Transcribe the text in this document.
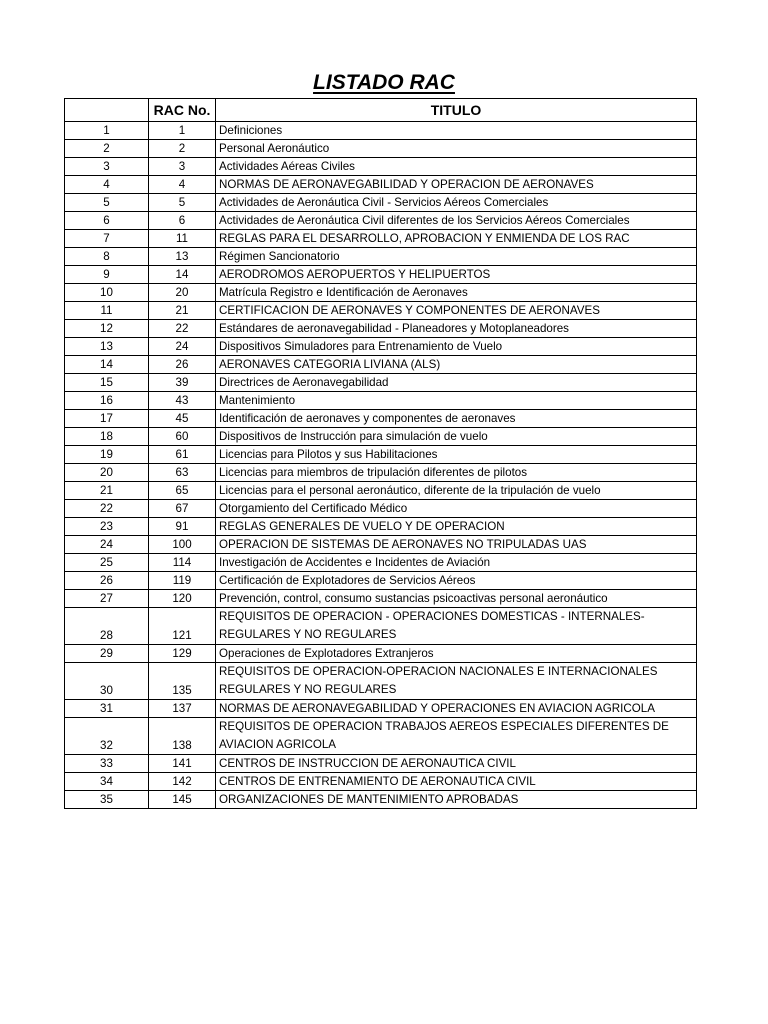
LISTADO RAC
	RAC No.	TITULO
1	1	Definiciones
2	2	Personal Aeronáutico
3	3	Actividades Aéreas Civiles
4	4	NORMAS DE AERONAVEGABILIDAD Y OPERACION DE AERONAVES
5	5	Actividades de Aeronáutica Civil - Servicios Aéreos Comerciales
6	6	Actividades de Aeronáutica Civil diferentes de los Servicios Aéreos Comerciales
7	11	REGLAS PARA EL DESARROLLO, APROBACION Y ENMIENDA DE LOS RAC
8	13	Régimen Sancionatorio
9	14	AERODROMOS AEROPUERTOS Y HELIPUERTOS
10	20	Matrícula Registro e Identificación de Aeronaves
11	21	CERTIFICACION DE AERONAVES Y COMPONENTES DE AERONAVES
12	22	Estándares de aeronavegabilidad - Planeadores y Motoplaneadores
13	24	Dispositivos Simuladores para Entrenamiento de Vuelo
14	26	AERONAVES CATEGORIA LIVIANA (ALS)
15	39	Directrices de Aeronavegabilidad
16	43	Mantenimiento
17	45	Identificación de aeronaves y componentes de aeronaves
18	60	Dispositivos de Instrucción para simulación de vuelo
19	61	Licencias para Pilotos y sus Habilitaciones
20	63	Licencias para miembros de tripulación diferentes de pilotos
21	65	Licencias para el personal aeronáutico, diferente de la tripulación de vuelo
22	67	Otorgamiento del Certificado Médico
23	91	REGLAS GENERALES DE VUELO Y DE OPERACION
24	100	OPERACION DE SISTEMAS DE AERONAVES NO TRIPULADAS UAS
25	114	Investigación de Accidentes e Incidentes de Aviación
26	119	Certificación de Explotadores de Servicios Aéreos
27	120	Prevención, control, consumo sustancias psicoactivas personal aeronáutico
28	121	REQUISITOS DE OPERACION - OPERACIONES DOMESTICAS - INTERNALES-
REGULARES Y NO REGULARES

29	129	Operaciones de Explotadores Extranjeros
30	135	REQUISITOS DE OPERACION-OPERACION NACIONALES E INTERNACIONALES
REGULARES Y NO REGULARES

31	137	NORMAS DE AERONAVEGABILIDAD Y OPERACIONES EN AVIACION AGRICOLA
32	138	REQUISITOS DE OPERACION TRABAJOS AEREOS ESPECIALES DIFERENTES DE
AVIACION AGRICOLA

33	141	CENTROS DE INSTRUCCION DE AERONAUTICA CIVIL
34	142	CENTROS DE ENTRENAMIENTO DE AERONAUTICA CIVIL
35	145	ORGANIZACIONES DE MANTENIMIENTO APROBADAS
